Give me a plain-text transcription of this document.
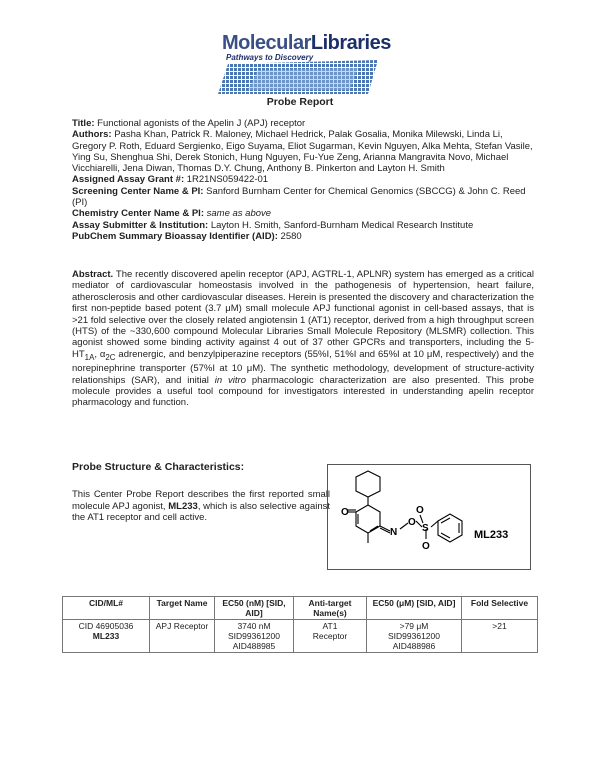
MolecularLibraries
Pathways to Discovery
Probe Report

Title: Functional agonists of the Apelin J (APJ) receptor

Authors: Pasha Khan, Patrick R. Maloney, Michael Hedrick, Palak Gosalia, Monika Milewski, Linda Li, Gregory P. Roth, Eduard Sergienko, Eigo Suyama, Eliot Sugarman, Kevin Nguyen, Alka Mehta, Stefan Vasile, Ying Su, Shenghua Shi, Derek Stonich, Hung Nguyen, Fu-Yue Zeng, Arianna Mangravita Novo, Michael Vicchiarelli, Jena Diwan, Thomas D.Y. Chung, Anthony B. Pinkerton and Layton H. Smith

Assigned Assay Grant #: 1R21NS059422-01

Screening Center Name & PI: Sanford Burnham Center for Chemical Genomics (SBCCG) & John C. Reed (PI)

Chemistry Center Name & PI: same as above

Assay Submitter & Institution: Layton H. Smith, Sanford-Burnham Medical Research Institute

PubChem Summary Bioassay Identifier (AID): 2580

Abstract. The recently discovered apelin receptor (APJ, AGTRL-1, APLNR) system has emerged as a critical mediator of cardiovascular homeostasis involved in the pathogenesis of hypertension, heart failure, atherosclerosis and other cardiovascular diseases. Herein is presented the discovery and characterization the first non-peptide based potent (3.7 μM) small molecule APJ functional agonist in cell-based assays, that is >21 fold selective over the closely related angiotensin 1 (AT1) receptor, derived from a high throughput screen (HTS) of the ~330,600 compound Molecular Libraries Small Molecule Repository (MLSMR) collection. This agonist showed some binding activity against 4 out of 37 other GPCRs and transporters, including the $5-HT_{1A}$, $\alpha_{2C}$ adrenergic, and benzylpiperazine receptors (55%I, 51%I and 65%I at 10 μM, respectively) and the norepinephrine transporter (57%I at 10 μM). The synthetic methodology, development of structure-activity relationships (SAR), and initial in vitro pharmacologic characterization are also presented. This probe molecule provides a useful tool compound for investigators interested in understanding apelin receptor pharmacology and function.
Probe Structure & Characteristics:
This Center Probe Report describes the first reported small molecule APJ agonist, ML233, which is also selective against the AT1 receptor and cell active.	O
N
O
S
O
O
ML233
CID/ML#	Target Name	EC50 (nM) [SID, AID]	Anti-target Name(s)	EC50 (μM) [SID, AID]	Fold Selective

CID 46905036
ML233	APJ Receptor	3740 nM
SID99361200
AID488985	AT1
Receptor	>79 μM
SID99361200
AID488986	>21
